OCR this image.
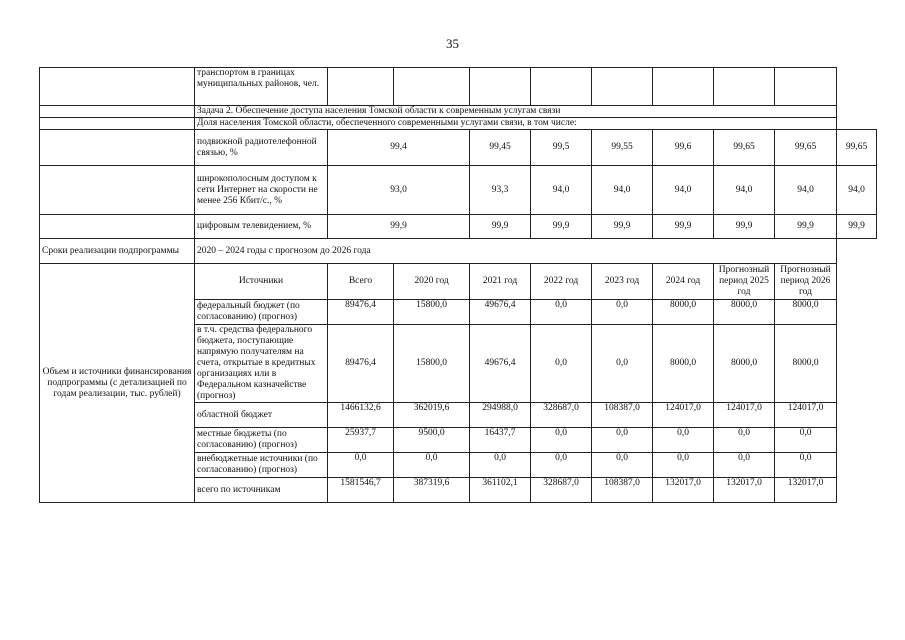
35
	транспортом в границах муниципальных районов, чел.									
	Задача 2. Обеспечение доступа населения Томской области к современным услугам связи									
	Доля населения Томской области, обеспеченного современными услугами связи, в том числе:									
	подвижной радиотелефонной связью, %	99,4		99,45	99,5	99,55	99,6	99,65	99,65	99,65
	широкополосным доступом к сети Интернет на скорости не менее 256 Кбит/с., %	93,0		93,3	94,0	94,0	94,0	94,0	94,0	94,0
	цифровым телевидением, %	99,9		99,9	99,9	99,9	99,9	99,9	99,9	99,9
Сроки реализации подпрограммы	2020 – 2024 годы с прогнозом до 2026 года									
Объем и источники финансирования подпрограммы (с детализацией по годам реализации, тыс. рублей)	Источники	Всего	2020 год	2021 год	2022 год	2023 год	2024 год	Прогнозный период 2025 год	Прогнозный период 2026 год	
	федеральный бюджет (по согласованию) (прогноз)	89476,4	15800,0	49676,4	0,0	0,0	8000,0	8000,0	8000,0	
	в т.ч. средства федерального бюджета, поступающие напрямую получателям на счета, открытые в кредитных организациях или в Федеральном казначействе (прогноз)	89476,4	15800,0	49676,4	0,0	0,0	8000,0	8000,0	8000,0	
	областной бюджет	1466132,6	362019,6	294988,0	328687,0	108387,0	124017,0	124017,0	124017,0	
	местные бюджеты (по согласованию) (прогноз)	25937,7	9500,0	16437,7	0,0	0,0	0,0	0,0	0,0	
	внебюджетные источники (по согласованию) (прогноз)	0,0	0,0	0,0	0,0	0,0	0,0	0,0	0,0	
	всего по источникам	1581546,7	387319,6	361102,1	328687,0	108387,0	132017,0	132017,0	132017,0	
